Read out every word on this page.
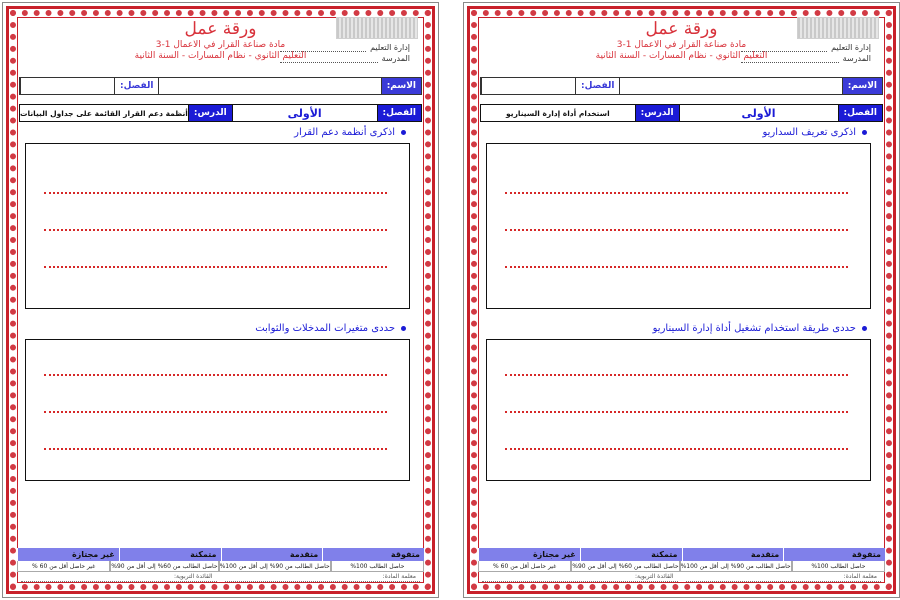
ورقة عمل
مادة صناعة القرار في الاعمال 1-3
التعليم الثانوي - نظام المسارات - السنة الثانية
إدارة التعليم
المدرسة
الاسم:
الفصل:
الفصل:
الأولى
الدرس:
استخدام أداة إدارة السيناريو
اذكرى تعريف السداريو
حددى طريقة استخدام تشغيل أداة إدارة السيناريو
متفوقة
متقدمة
متمكنة
غير مجتازة
حاصل الطالب 100%
حاصل الطالب من 90% إلى أقل من 100%
حاصل الطالب من 60% إلى أقل من 90%
غير حاصل أقل من 60 %
معلمة المادة:
القائدة التربوية:
ورقة عمل
مادة صناعة القرار في الاعمال 1-3
التعليم الثانوي - نظام المسارات - السنة الثانية
إدارة التعليم
المدرسة
الاسم:
الفصل:
الفصل:
الأولى
الدرس:
أنظمة دعم القرار القائمة على جداول البيانات
اذكرى أنظمة دعم القرار
حددى متغيرات المدخلات والثوابت
متفوقة
متقدمة
متمكنة
غير مجتازة
حاصل الطالب 100%
حاصل الطالب من 90% إلى أقل من 100%
حاصل الطالب من 60% إلى أقل من 90%
غير حاصل أقل من 60 %
معلمة المادة:
القائدة التربوية:
